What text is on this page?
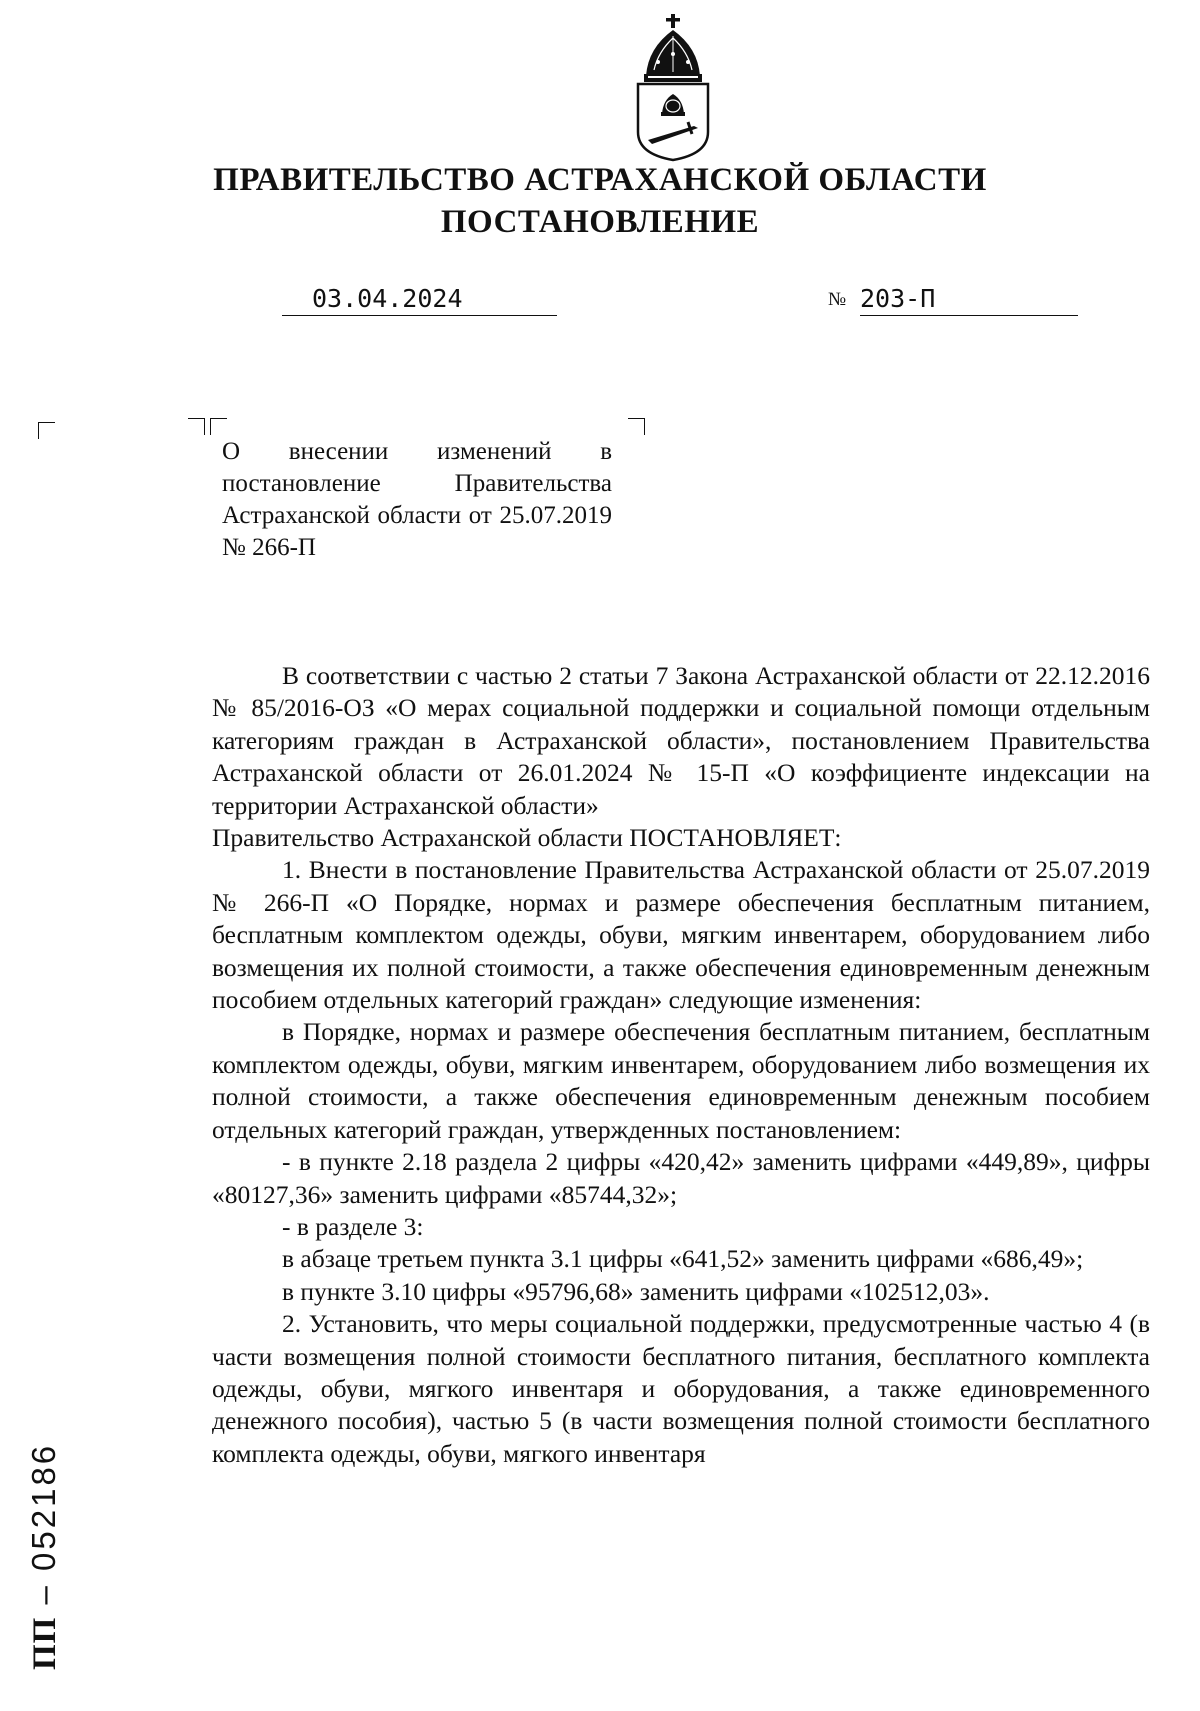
ПРАВИТЕЛЬСТВО АСТРАХАНСКОЙ ОБЛАСТИ
ПОСТАНОВЛЕНИЕ
03.04.2024	№ 203-П

О внесении изменений в постановление Правительства Астраханской области от 25.07.2019 № 266-П

В соответствии с частью 2 статьи 7 Закона Астраханской области от 22.12.2016 № 85/2016-ОЗ «О мерах социальной поддержки и социальной помощи отдельным категориям граждан в Астраханской области», постановлением Правительства Астраханской области от 26.01.2024 № 15-П «О коэффициенте индексации на территории Астраханской области»

Правительство Астраханской области ПОСТАНОВЛЯЕТ:

1. Внести в постановление Правительства Астраханской области от 25.07.2019 № 266-П «О Порядке, нормах и размере обеспечения бесплатным питанием, бесплатным комплектом одежды, обуви, мягким инвентарем, оборудованием либо возмещения их полной стоимости, а также обеспечения единовременным денежным пособием отдельных категорий граждан» следующие изменения:

в Порядке, нормах и размере обеспечения бесплатным питанием, бесплатным комплектом одежды, обуви, мягким инвентарем, оборудованием либо возмещения их полной стоимости, а также обеспечения единовременным денежным пособием отдельных категорий граждан, утвержденных постановлением:

- в пункте 2.18 раздела 2 цифры «420,42» заменить цифрами «449,89», цифры «80127,36» заменить цифрами «85744,32»;

- в разделе 3:

в абзаце третьем пункта 3.1 цифры «641,52» заменить цифрами «686,49»;

в пункте 3.10 цифры «95796,68» заменить цифрами «102512,03».

2. Установить, что меры социальной поддержки, предусмотренные частью 4 (в части возмещения полной стоимости бесплатного питания, бесплатного комплекта одежды, обуви, мягкого инвентаря и оборудования, а также единовременного денежного пособия), частью 5 (в части возмещения полной стоимости бесплатного комплекта одежды, обуви, мягкого инвентаря

ПП – 052186
